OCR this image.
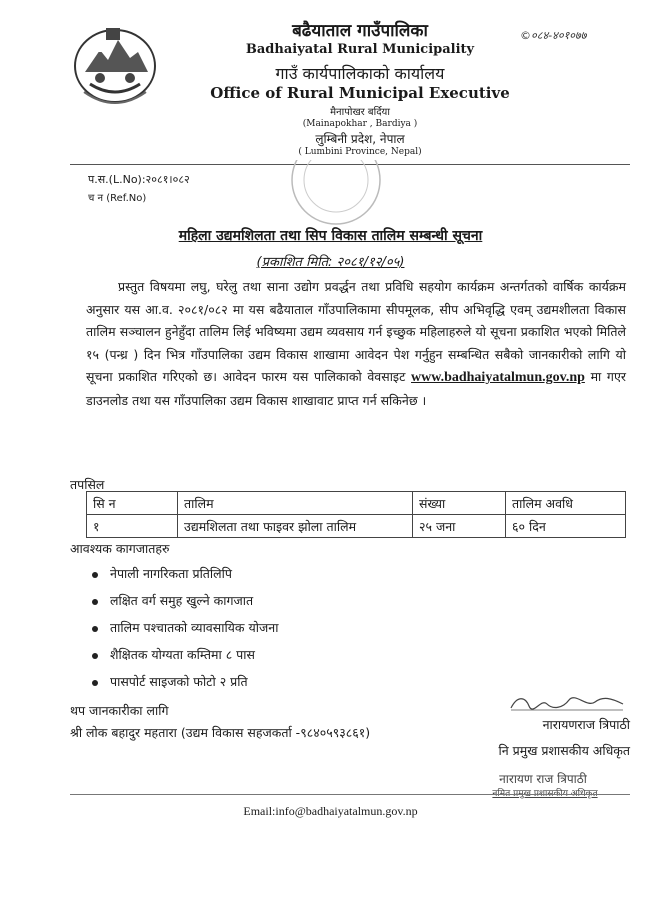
©०८४-४०१०७७
बढैयाताल गाउँपालिका
Badhaiyatal Rural Municipality
गाउँ कार्यपालिकाको कार्यालय
Office of Rural Municipal Executive
मैनापोखर बर्दिया
(Mainapokhar , Bardiya )
लुम्बिनी प्रदेश, नेपाल
( Lumbini Province, Nepal)
प.स.(L.No):२०८१।०८२
च न (Ref.No)
महिला उद्यमशिलता तथा सिप विकास तालिम सम्बन्धी सूचना
(प्रकाशित मिति: २०८१/१२/०५)
प्रस्तुत विषयमा लघु, घरेलु तथा साना उद्योग प्रवर्द्धन तथा प्रविधि सहयोग कार्यक्रम अन्तर्गतको वार्षिक कार्यक्रम अनुसार यस आ.व. २०८१/०८२ मा यस बढैयाताल गाँउपालिकामा सीपमूलक, सीप अभिवृद्धि एवम् उद्यमशीलता विकास तालिम सञ्चालन हुनेहुँदा तालिम लिई भविष्यमा उद्यम व्यवसाय गर्न इच्छुक महिलाहरुले यो सूचना प्रकाशित भएको मितिले १५ (पन्ध्र ) दिन भित्र गाँउपालिका उद्यम विकास शाखामा आवेदन पेश गर्नुहुन सम्बन्धित सबैको जानकारीको लागि यो सूचना प्रकाशित गरिएको छ। आवेदन फारम यस पालिकाको वेवसाइट www.badhaiyatalmun.gov.np मा गएर डाउनलोड तथा यस गाँउपालिका उद्यम विकास शाखावाट प्राप्त गर्न सकिनेछ ।
तपसिल
सि न	तालिम	संख्या	तालिम अवधि
१	उद्यमशिलता तथा फाइवर झोला तालिम	२५ जना	६० दिन
आवश्यक कागजातहरु
नेपाली नागरिकता प्रतिलिपि
लक्षित वर्ग समुह खुल्ने कागजात
तालिम पश्चातको व्यावसायिक योजना
शैक्षितक योग्यता कम्तिमा ८ पास
पासपोर्ट साइजको फोटो २ प्रति
थप जानकारीका लागि
श्री लोक बहादुर महतारा (उद्यम विकास सहजकर्ता -९८४०५९३८६१)
नारायणराज त्रिपाठी
नि प्रमुख प्रशासकीय अधिकृत
नारायण राज त्रिपाठी
नमित प्रमुख प्रशासकीय अधिकृत
Email:info@badhaiyatalmun.gov.np
